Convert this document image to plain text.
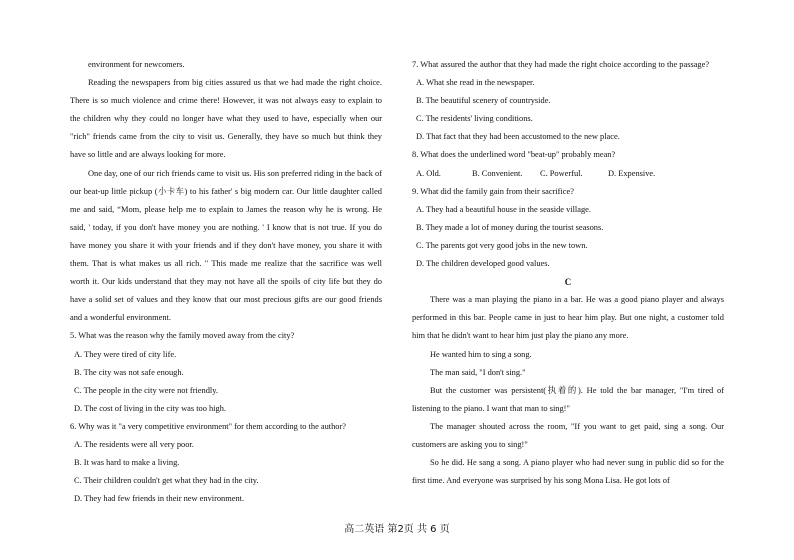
environment for newcomers.

Reading the newspapers from big cities assured us that we had made the right choice. There is so much violence and crime there! However, it was not always easy to explain to the children why they could no longer have what they used to have, especially when our "rich" friends came from the city to visit us. Generally, they have so much but think they have so little and are always looking for more.

One day, one of our rich friends came to visit us. His son preferred riding in the back of our beat-up little pickup (小卡车) to his father' s big modern car. Our little daughter called me and said, “Mom, please help me to explain to James the reason why he is wrong. He said, ' today, if you don't have money you are nothing. ' I know that is not true. If you do have money you share it with your friends and if they don't have money, you share it with them. That is what makes us all rich. " This made me realize that the sacrifice was well worth it. Our kids understand that they may not have all the spoils of city life but they do have a solid set of values and they know that our most precious gifts are our good friends and a wonderful environment.

5. What was the reason why the family moved away from the city?

A. They were tired of city life.

B. The city was not safe enough.

C. The people in the city were not friendly.

D. The cost of living in the city was too high.

6. Why was it "a very competitive environment" for them according to the author?

A. The residents were all very poor.

B. It was hard to make a living.

C. Their children couldn't get what they had in the city.

D. They had few friends in their new environment.

7. What assured the author that they had made the right choice according to the passage?

A. What she read in the newspaper.

B. The beautiful scenery of countryside.

C. The residents' living conditions.

D. That fact that they had been accustomed to the new place.

8. What does the underlined word "beat-up" probably mean?

A. Old.	B. Convenient. C. Powerful.	D. Expensive.

9. What did the family gain from their sacrifice?

A. They had a beautiful house in the seaside village.

B. They made a lot of money during the tourist seasons.

C. The parents got very good jobs in the new town.

D. The children developed good values.

C

There was a man playing the piano in a bar. He was a good piano player and always performed in this bar. People came in just to hear him play. But one night, a customer told him that he didn't want to hear him just play the piano any more.

He wanted him to sing a song.

The man said, "I don't sing."

But the customer was persistent(执着的). He told the bar manager, "I'm tired of listening to the piano. I want that man to sing!"

The manager shouted across the room, "If you want to get paid, sing a song. Our customers are asking you to sing!"

So he did. He sang a song. A piano player who had never sung in public did so for the first time. And everyone was surprised by his song Mona Lisa. He got lots of

高二英语 第2页 共 6 页
